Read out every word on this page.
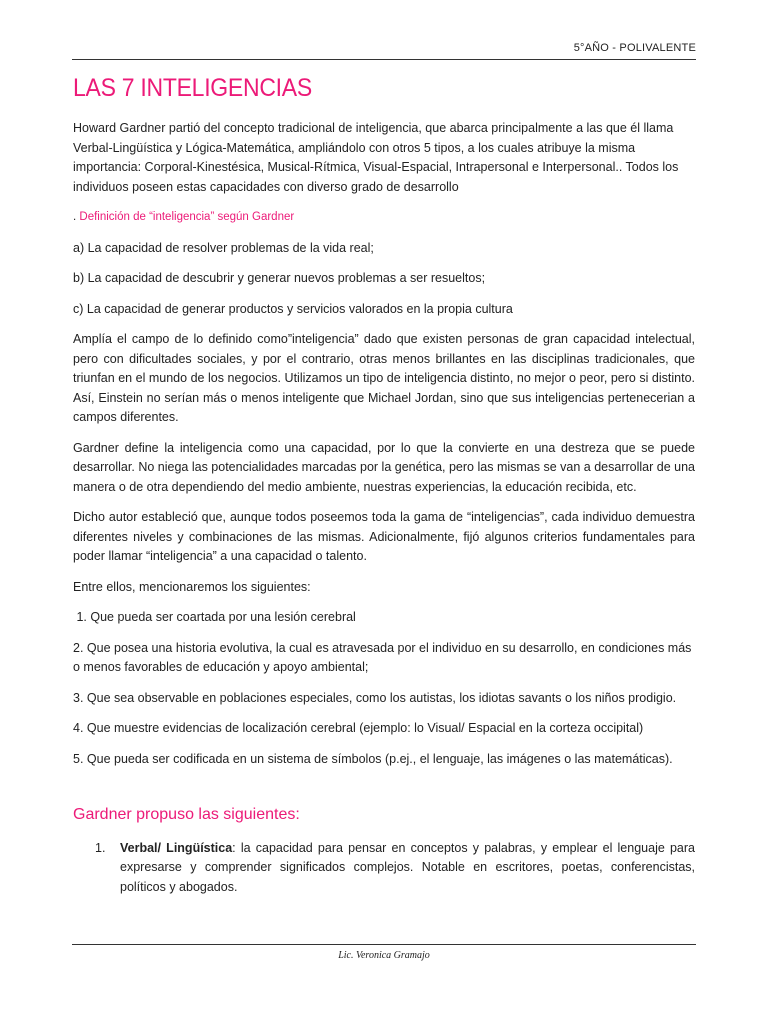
5°AÑO - POLIVALENTE
LAS 7 INTELIGENCIAS

Howard Gardner partió del concepto tradicional de inteligencia, que abarca principalmente a las que él llama Verbal-Lingüística y Lógica-Matemática, ampliándolo con otros 5 tipos, a los cuales atribuye la misma importancia: Corporal-Kinestésica, Musical-Rítmica, Visual-Espacial, Intrapersonal e Interpersonal.. Todos los individuos poseen estas capacidades con diverso grado de desarrollo

. Definición de “inteligencia” según Gardner

a) La capacidad de resolver problemas de la vida real;

b) La capacidad de descubrir y generar nuevos problemas a ser resueltos;

c) La capacidad de generar productos y servicios valorados en la propia cultura

Amplía el campo de lo definido como”inteligencia” dado que existen personas de gran capacidad intelectual, pero con dificultades sociales, y por el contrario, otras menos brillantes en las disciplinas tradicionales, que triunfan en el mundo de los negocios. Utilizamos un tipo de inteligencia distinto, no mejor o peor, pero si distinto. Así, Einstein no serían más o menos inteligente que Michael Jordan, sino que sus inteligencias pertenecerian a campos diferentes.

Gardner define la inteligencia como una capacidad, por lo que la convierte en una destreza que se puede desarrollar. No niega las potencialidades marcadas por la genética, pero las mismas se van a desarrollar de una manera o de otra dependiendo del medio ambiente, nuestras experiencias, la educación recibida, etc.

Dicho autor estableció que, aunque todos poseemos toda la gama de “inteligencias”, cada individuo demuestra diferentes niveles y combinaciones de las mismas. Adicionalmente, fijó algunos criterios fundamentales para poder llamar “inteligencia” a una capacidad o talento.

Entre ellos, mencionaremos los siguientes:

1. Que pueda ser coartada por una lesión cerebral

2. Que posea una historia evolutiva, la cual es atravesada por el individuo en su desarrollo, en condiciones más o menos favorables de educación y apoyo ambiental;

3. Que sea observable en poblaciones especiales, como los autistas, los idiotas savants o los niños prodigio.

4. Que muestre evidencias de localización cerebral (ejemplo: lo Visual/ Espacial en la corteza occipital)

5. Que pueda ser codificada en un sistema de símbolos (p.ej., el lenguaje, las imágenes o las matemáticas).

Gardner propuso las siguientes:

1.	Verbal/ Lingüística: la capacidad para pensar en conceptos y palabras, y emplear el lenguaje para expresarse y comprender significados complejos. Notable en escritores, poetas, conferencistas, políticos y abogados.
Lic. Veronica Gramajo
